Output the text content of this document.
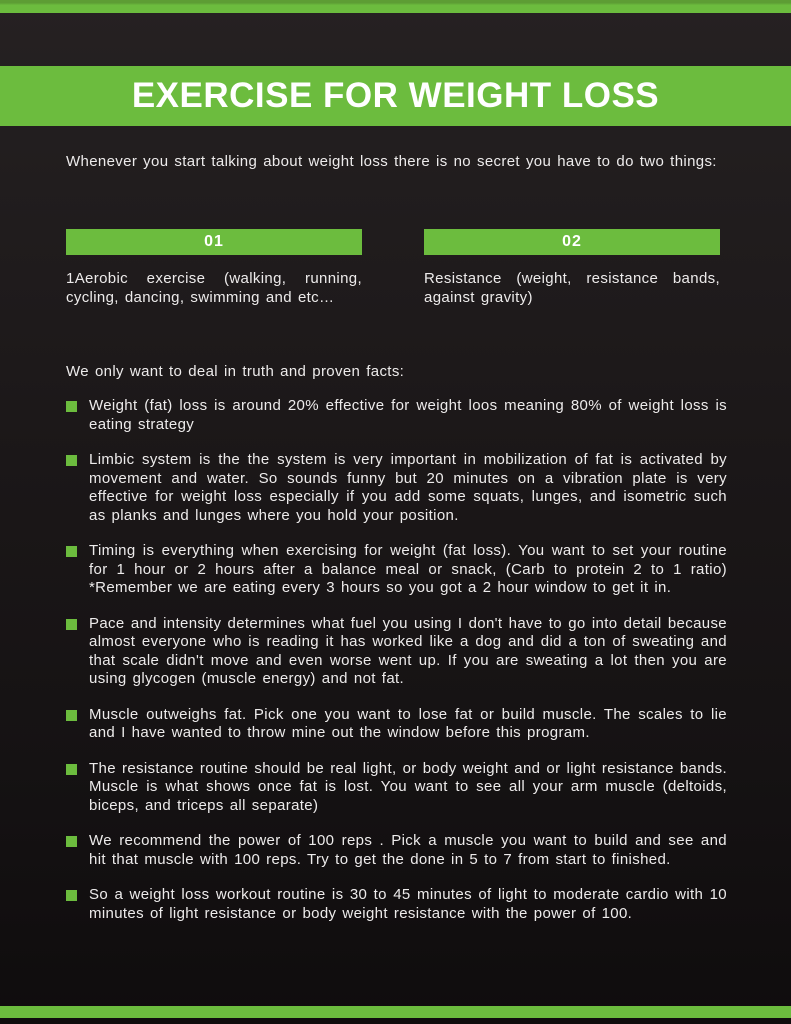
EXERCISE FOR WEIGHT LOSS
Whenever you start talking about weight loss there is no secret you have to do two things:
01
1Aerobic exercise (walking, running, cycling, dancing, swimming and etc…
02
Resistance (weight, resistance bands, against gravity)
We only want to deal in truth and proven facts:
Weight (fat) loss is around 20% effective for weight loos meaning 80% of weight loss is eating strategy
Limbic system is the the system is very important in mobilization of fat is activated by movement and water. So sounds funny but 20 minutes on a vibration plate is very effective for weight loss especially if you add some squats, lunges, and isometric such as planks and lunges where you hold your position.
Timing is everything when exercising for weight (fat loss). You want to set your routine for 1 hour or 2 hours after a balance meal or snack, (Carb to protein 2 to 1 ratio) *Remember we are eating every 3 hours so you got a 2 hour window to get it in.
Pace and intensity determines what fuel you using I don't have to go into detail because almost everyone who is reading it has worked like a dog and did a ton of sweating and that scale didn't move and even worse went up. If you are sweating a lot then you are using glycogen (muscle energy) and not fat.
Muscle outweighs fat. Pick one you want to lose fat or build muscle. The scales to lie and I have wanted to throw mine out the window before this program.
The resistance routine should be real light, or body weight and or light resistance bands. Muscle is what shows once fat is lost. You want to see all your arm muscle (deltoids, biceps, and triceps all separate)
We recommend the power of 100 reps . Pick a muscle you want to build and see and hit that muscle with 100 reps. Try to get the done in 5 to 7 from start to finished.
So a weight loss workout routine is 30 to 45 minutes of light to moderate cardio with 10 minutes of light resistance or body weight resistance with the power of 100.
